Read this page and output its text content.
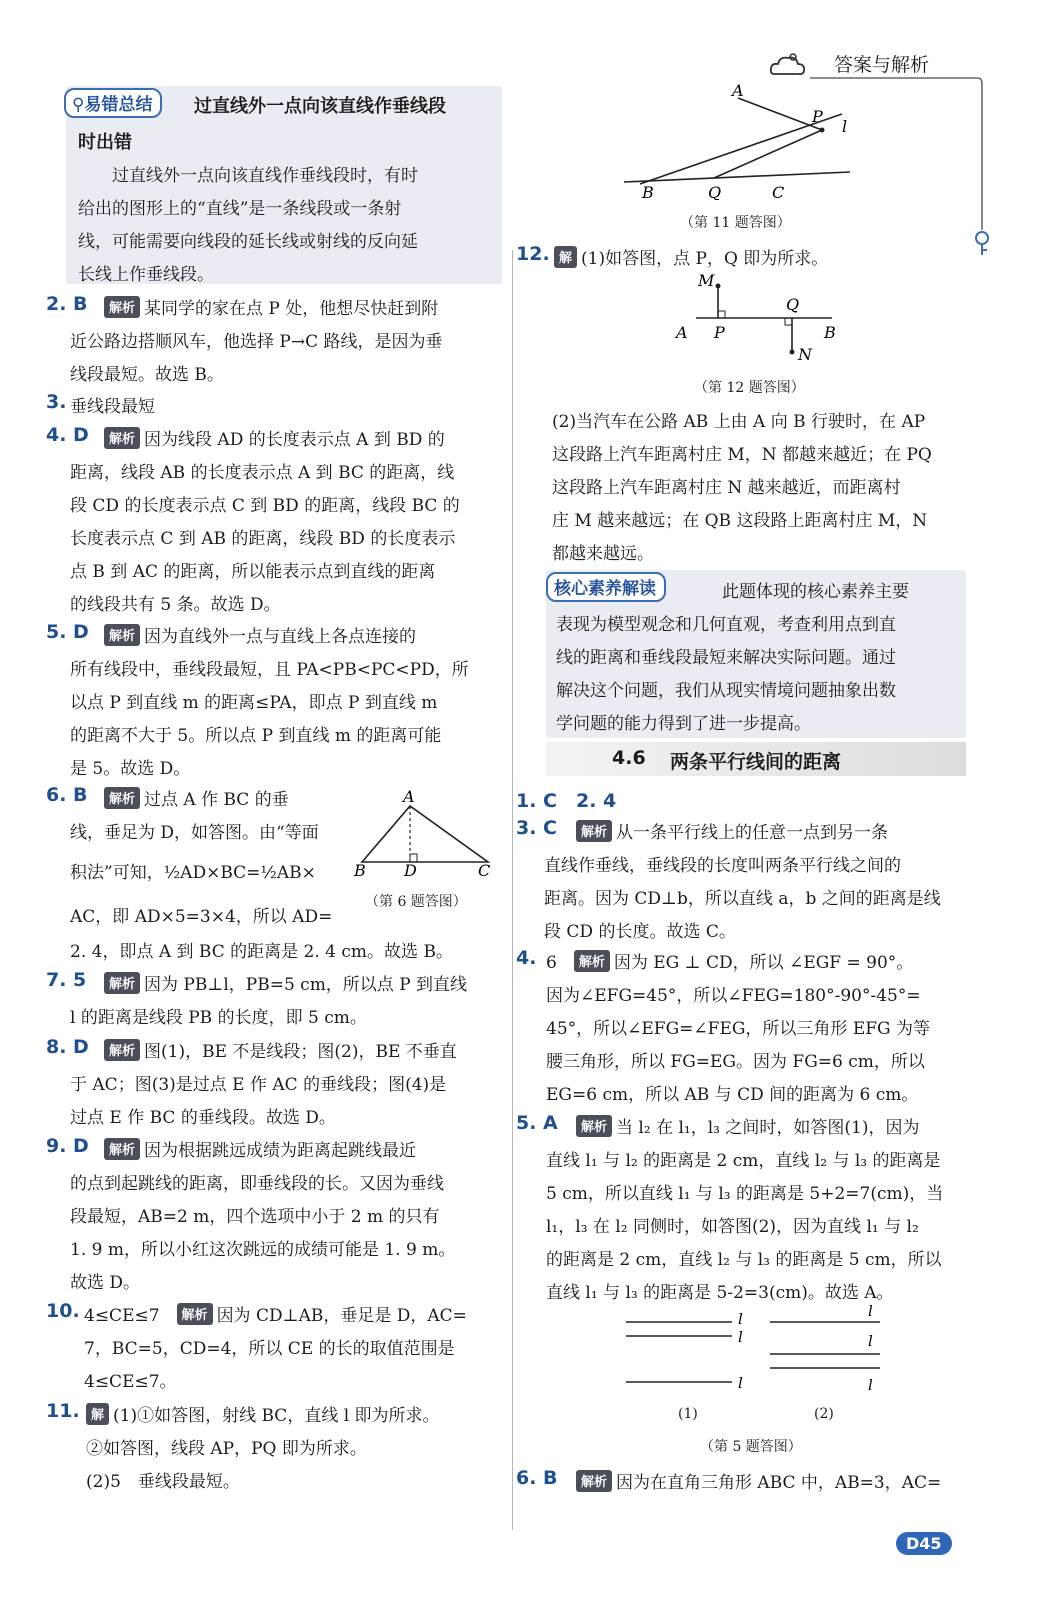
答案与解析
⚲易错总结	过直线外一点向该直线作垂线段
时出错
过直线外一点向该直线作垂线段时，有时
给出的图形上的“直线”是一条线段或一条射
线，可能需要向线段的延长线或射线的反向延
长线上作垂线段。
2. B	解析 某同学的家在点 P 处，他想尽快赶到附
近公路边搭顺风车，他选择 P→C 路线，是因为垂
线段最短。故选 B。
3. 垂线段最短
4. D	解析 因为线段 AD 的长度表示点 A 到 BD 的
距离，线段 AB 的长度表示点 A 到 BC 的距离，线
段 CD 的长度表示点 C 到 BD 的距离，线段 BC 的
长度表示点 C 到 AB 的距离，线段 BD 的长度表示
点 B 到 AC 的距离，所以能表示点到直线的距离
的线段共有 5 条。故选 D。
5. D	解析 因为直线外一点与直线上各点连接的
所有线段中，垂线段最短，且 PA<PB<PC<PD，所
以点 P 到直线 m 的距离≤PA，即点 P 到直线 m
的距离不大于 5。所以点 P 到直线 m 的距离可能
是 5。故选 D。
6. B	解析 过点 A 作 BC 的垂
线，垂足为 D，如答图。由“等面
积法”可知，½AD×BC=½AB×
AC，即 AD×5=3×4，所以 AD=
2. 4，即点 A 到 BC 的距离是 2. 4 cm。故选 B。
A
B D	C
（第 6 题答图）
7. 5	解析 因为 PB⊥l，PB=5 cm，所以点 P 到直线
l 的距离是线段 PB 的长度，即 5 cm。
8. D	解析 图(1)，BE 不是线段；图(2)，BE 不垂直
于 AC；图(3)是过点 E 作 AC 的垂线段；图(4)是
过点 E 作 BC 的垂线段。故选 D。
9. D	解析 因为根据跳远成绩为距离起跳线最近
的点到起跳线的距离，即垂线段的长。又因为垂线
段最短，AB=2 m，四个选项中小于 2 m 的只有
1. 9 m，所以小红这次跳远的成绩可能是 1. 9 m。
故选 D。
10. 4≤CE≤7　 解析 因为 CD⊥AB，垂足是 D，AC=
7，BC=5，CD=4，所以 CE 的长的取值范围是
4≤CE≤7。
11. 解 (1)①如答图，射线 BC，直线 l 即为所求。
②如答图，线段 AP，PQ 即为所求。
(2)5　垂线段最短。
A
P
l
B	Q	C
（第 11 题答图）
12. 解 (1)如答图，点 P，Q 即为所求。
M
A P
Q
B
N
（第 12 题答图）
(2)当汽车在公路 AB 上由 A 向 B 行驶时，在 AP
这段路上汽车距离村庄 M，N 都越来越近；在 PQ
这段路上汽车距离村庄 N 越来越近，而距离村
庄 M 越来越远；在 QB 这段路上距离村庄 M，N
都越来越远。
核心素养解读	此题体现的核心素养主要
表现为模型观念和几何直观，考查利用点到直
线的距离和垂线段最短来解决实际问题。通过
解决这个问题，我们从现实情境问题抽象出数
学问题的能力得到了进一步提高。
4.6 两条平行线间的距离
1. C　2. 4
3. C	解析 从一条平行线上的任意一点到另一条
直线作垂线，垂线段的长度叫两条平行线之间的
距离。因为 CD⊥b，所以直线 a，b 之间的距离是线
段 CD 的长度。故选 C。
4. 6　 解析 因为 EG ⊥ CD，所以 ∠EGF = 90°。
因为∠EFG=45°，所以∠FEG=180°-90°-45°=
45°，所以∠EFG=∠FEG，所以三角形 EFG 为等
腰三角形，所以 FG=EG。因为 FG=6 cm，所以
EG=6 cm，所以 AB 与 CD 间的距离为 6 cm。
5. A	解析 当 l₂ 在 l₁，l₃ 之间时，如答图(1)，因为
直线 l₁ 与 l₂ 的距离是 2 cm，直线 l₂ 与 l₃ 的距离是
5 cm，所以直线 l₁ 与 l₃ 的距离是 5+2=7(cm)，当
l₁，l₃ 在 l₂ 同侧时，如答图(2)，因为直线 l₁ 与 l₂
的距离是 2 cm，直线 l₂ 与 l₃ 的距离是 5 cm，所以
直线 l₁ 与 l₃ 的距离是 5-2=3(cm)。故选 A。
l
l
l
l
l
l
(1)	(2)
（第 5 题答图）
6. B	解析 因为在直角三角形 ABC 中，AB=3，AC=
D45
